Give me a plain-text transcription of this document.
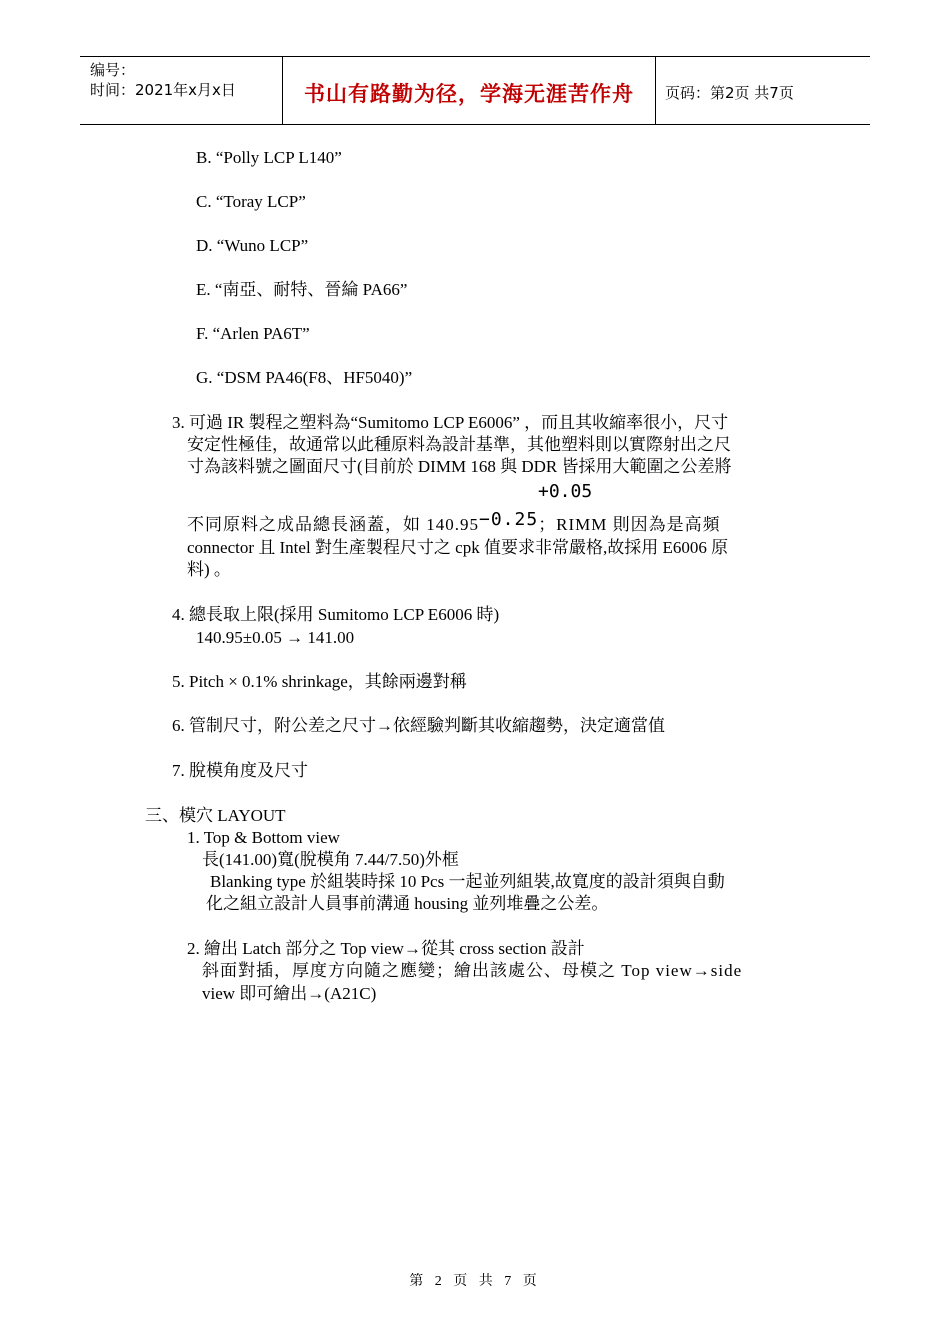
编号：
时间：2021年x月x日	书山有路勤为径，学海无涯苦作舟	页码：第2页 共7页
B. “Polly LCP L140”
C. “Toray LCP”
D. “Wuno LCP”
E. “南亞、耐特、晉綸 PA66”
F. “Arlen PA6T”
G. “DSM PA46(F8、HF5040)”
3. 可過 IR 製程之塑料為“Sumitomo LCP E6006” ，而且其收縮率很小，尺寸
安定性極佳，故通常以此種原料為設計基準，其他塑料則以實際射出之尺
寸為該料號之圖面尺寸(目前於 DIMM 168 與 DDR 皆採用大範圍之公差將
+0.05
不同原料之成品總長涵蓋，如 140.95−0.25；RIMM 則因為是高頻
connector 且 Intel 對生產製程尺寸之 cpk 值要求非常嚴格,故採用 E6006 原
料) 。
4. 總長取上限(採用 Sumitomo LCP E6006 時)
140.95±0.05 → 141.00
5. Pitch × 0.1% shrinkage，其餘兩邊對稱
6. 管制尺寸，附公差之尺寸→依經驗判斷其收縮趨勢，決定適當值
7. 脫模角度及尺寸
三、模穴 LAYOUT
1. Top & Bottom view
長(141.00)寬(脫模角 7.44/7.50)外框
Blanking type 於組裝時採 10 Pcs 一起並列組裝,故寬度的設計須與自動
化之組立設計人員事前溝通 housing 並列堆疊之公差。
2. 繪出 Latch 部分之 Top view→從其 cross section 設計
斜面對插，厚度方向隨之應變；繪出該處公、母模之 Top view→side
view 即可繪出→(A21C)
第 2 页 共 7 页
